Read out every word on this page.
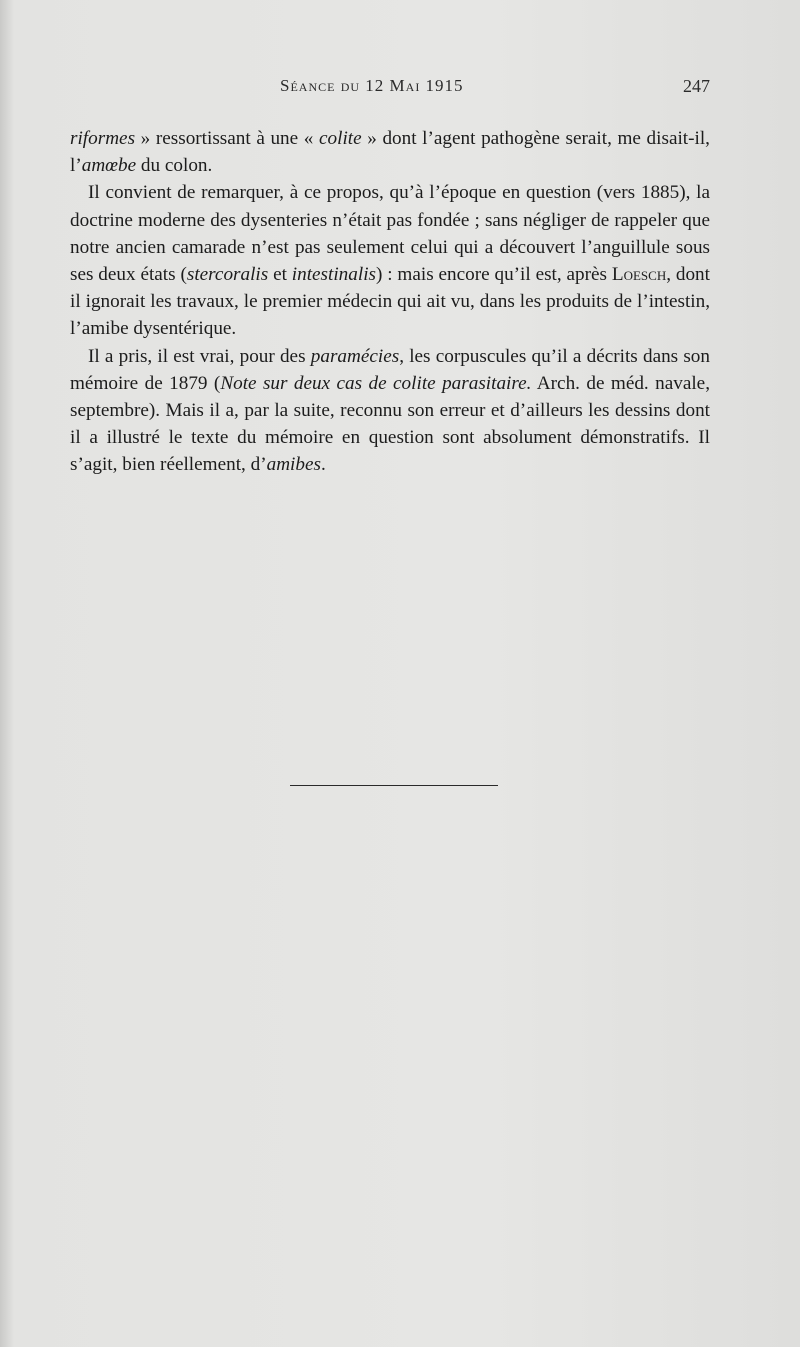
Séance du 12 Mai 1915	247

riformes » ressortissant à une « colite » dont l’agent pathogène serait, me disait-il, l’amœbe du colon.

Il convient de remarquer, à ce propos, qu’à l’époque en question (vers 1885), la doctrine moderne des dysenteries n’était pas fondée ; sans négliger de rappeler que notre ancien camarade n’est pas seulement celui qui a découvert l’anguillule sous ses deux états (stercoralis et intestinalis) : mais encore qu’il est, après Loesch, dont il ignorait les travaux, le premier médecin qui ait vu, dans les produits de l’intestin, l’amibe dysentérique.

Il a pris, il est vrai, pour des paramécies, les corpuscules qu’il a décrits dans son mémoire de 1879 (Note sur deux cas de colite parasitaire. Arch. de méd. navale, septembre). Mais il a, par la suite, reconnu son erreur et d’ailleurs les dessins dont il a illustré le texte du mémoire en question sont absolument démonstratifs. Il s’agit, bien réellement, d’amibes.
